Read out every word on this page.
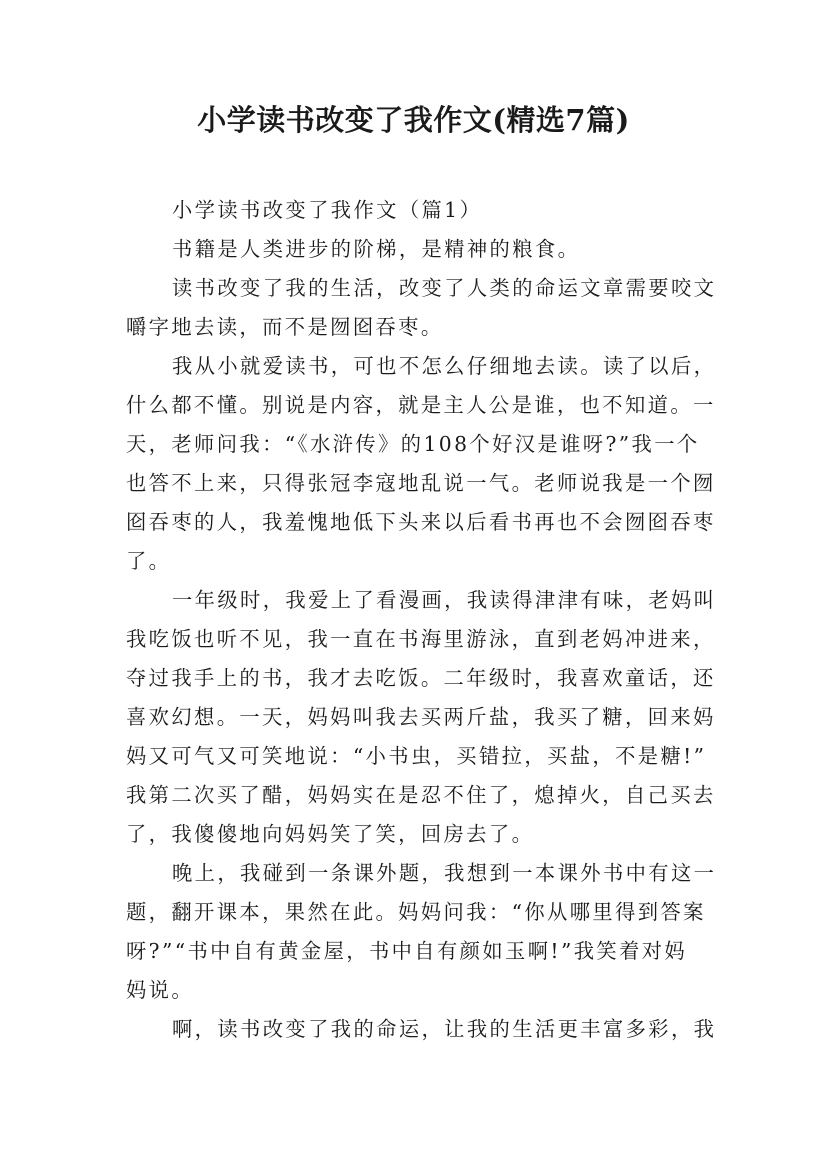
小学读书改变了我作文(精选7篇)
小学读书改变了我作文（篇1）
书籍是人类进步的阶梯，是精神的粮食。
读书改变了我的生活，改变了人类的命运文章需要咬文
嚼字地去读，而不是囫囵吞枣。
我从小就爱读书，可也不怎么仔细地去读。读了以后，
什么都不懂。别说是内容，就是主人公是谁，也不知道。一
天，老师问我：“《水浒传》的108个好汉是谁呀?”我一个
也答不上来，只得张冠李寇地乱说一气。老师说我是一个囫
囵吞枣的人，我羞愧地低下头来以后看书再也不会囫囵吞枣
了。
一年级时，我爱上了看漫画，我读得津津有味，老妈叫
我吃饭也听不见，我一直在书海里游泳，直到老妈冲进来，
夺过我手上的书，我才去吃饭。二年级时，我喜欢童话，还
喜欢幻想。一天，妈妈叫我去买两斤盐，我买了糖，回来妈
妈又可气又可笑地说：“小书虫，买错拉，买盐，不是糖!”
我第二次买了醋，妈妈实在是忍不住了，熄掉火，自己买去
了，我傻傻地向妈妈笑了笑，回房去了。
晚上，我碰到一条课外题，我想到一本课外书中有这一
题，翻开课本，果然在此。妈妈问我：“你从哪里得到答案
呀?”“书中自有黄金屋，书中自有颜如玉啊!”我笑着对妈
妈说。
啊，读书改变了我的命运，让我的生活更丰富多彩，我
